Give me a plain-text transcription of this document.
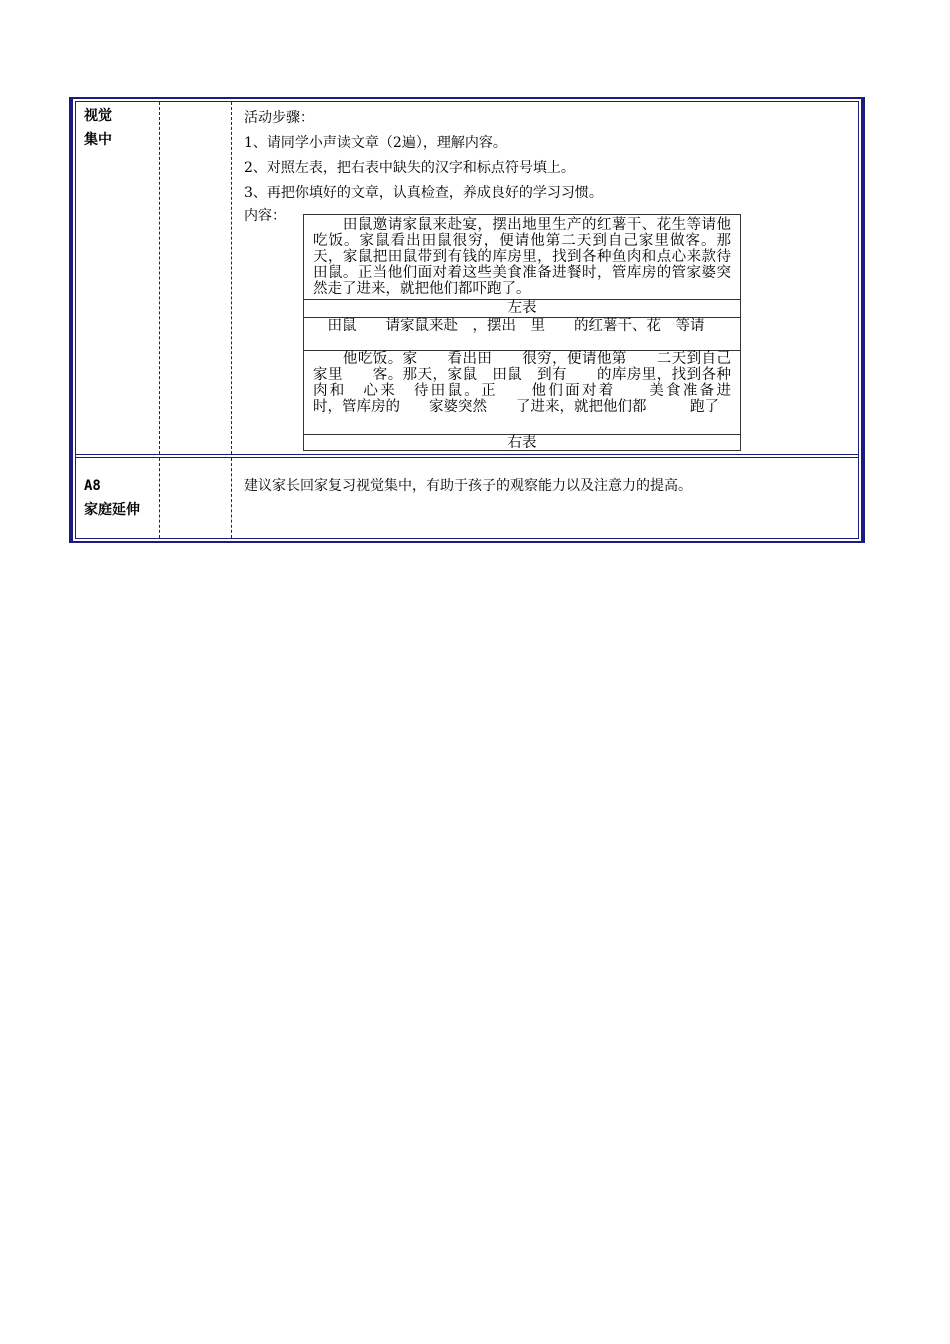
视觉
集中
活动步骤：
1、请同学小声读文章（2遍），理解内容。
2、对照左表，把右表中缺失的汉字和标点符号填上。
3、再把你填好的文章，认真检查，养成良好的学习习惯。
内容：
　　田鼠邀请家鼠来赴宴，摆出地里生产的红薯干、花生等请他吃饭。家鼠看出田鼠很穷，便请他第二天到自己家里做客。那天，家鼠把田鼠带到有钱的库房里，找到各种鱼肉和点心来款待田鼠。正当他们面对着这些美食准备进餐时，管库房的管家婆突然走了进来，就把他们都吓跑了。
左表
　田鼠　　请家鼠来赴　，摆出　里　　的红薯干、花　等请
　　他吃饭。家　　看出田　　很穷，便请他第　　二天到自己家里　　客。那天，家鼠　田鼠　到有　　的库房里，找到各种　肉和　心来　待田鼠。正　　他们面对着　　美食准备进　　时，管库房的　　家婆突然　　了进来，就把他们都　　　跑了
右表
A8
家庭延伸
建议家长回家复习视觉集中，有助于孩子的观察能力以及注意力的提高。
